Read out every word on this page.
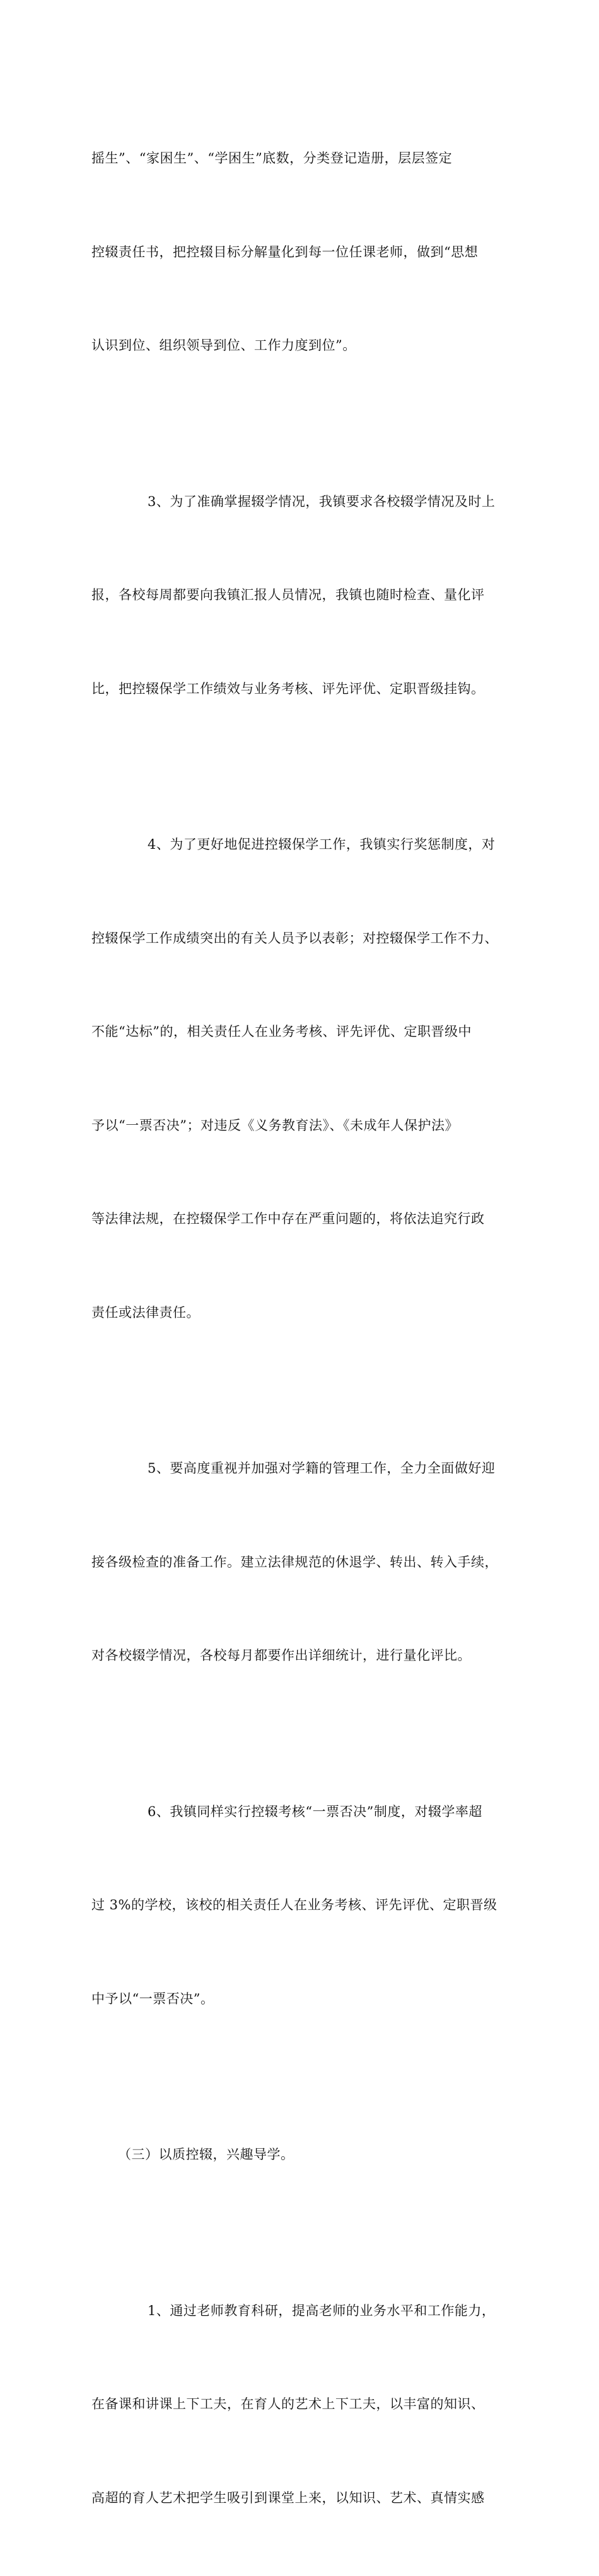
摇生”、“家困生”、“学困生”底数，分类登记造册，层层签定

控辍责任书，把控辍目标分解量化到每一位任课老师，做到“思想

认识到位、组织领导到位、工作力度到位”。

3、为了准确掌握辍学情况，我镇要求各校辍学情况及时上

报，各校每周都要向我镇汇报人员情况，我镇也随时检查、量化评

比，把控辍保学工作绩效与业务考核、评先评优、定职晋级挂钩。

4、为了更好地促进控辍保学工作，我镇实行奖惩制度，对

控辍保学工作成绩突出的有关人员予以表彰；对控辍保学工作不力、

不能“达标”的，相关责任人在业务考核、评先评优、定职晋级中

予以“一票否决”；对违反《义务教育法》、《未成年人保护法》

等法律法规，在控辍保学工作中存在严重问题的，将依法追究行政

责任或法律责任。

5、要高度重视并加强对学籍的管理工作，全力全面做好迎

接各级检查的准备工作。建立法律规范的休退学、转出、转入手续，

对各校辍学情况，各校每月都要作出详细统计，进行量化评比。

6、我镇同样实行控辍考核“一票否决”制度，对辍学率超

过 3%的学校，该校的相关责任人在业务考核、评先评优、定职晋级

中予以“一票否决”。

（三）以质控辍，兴趣导学。

1、通过老师教育科研，提高老师的业务水平和工作能力，

在备课和讲课上下工夫，在育人的艺术上下工夫，以丰富的知识、

高超的育人艺术把学生吸引到课堂上来，以知识、艺术、真情实感
